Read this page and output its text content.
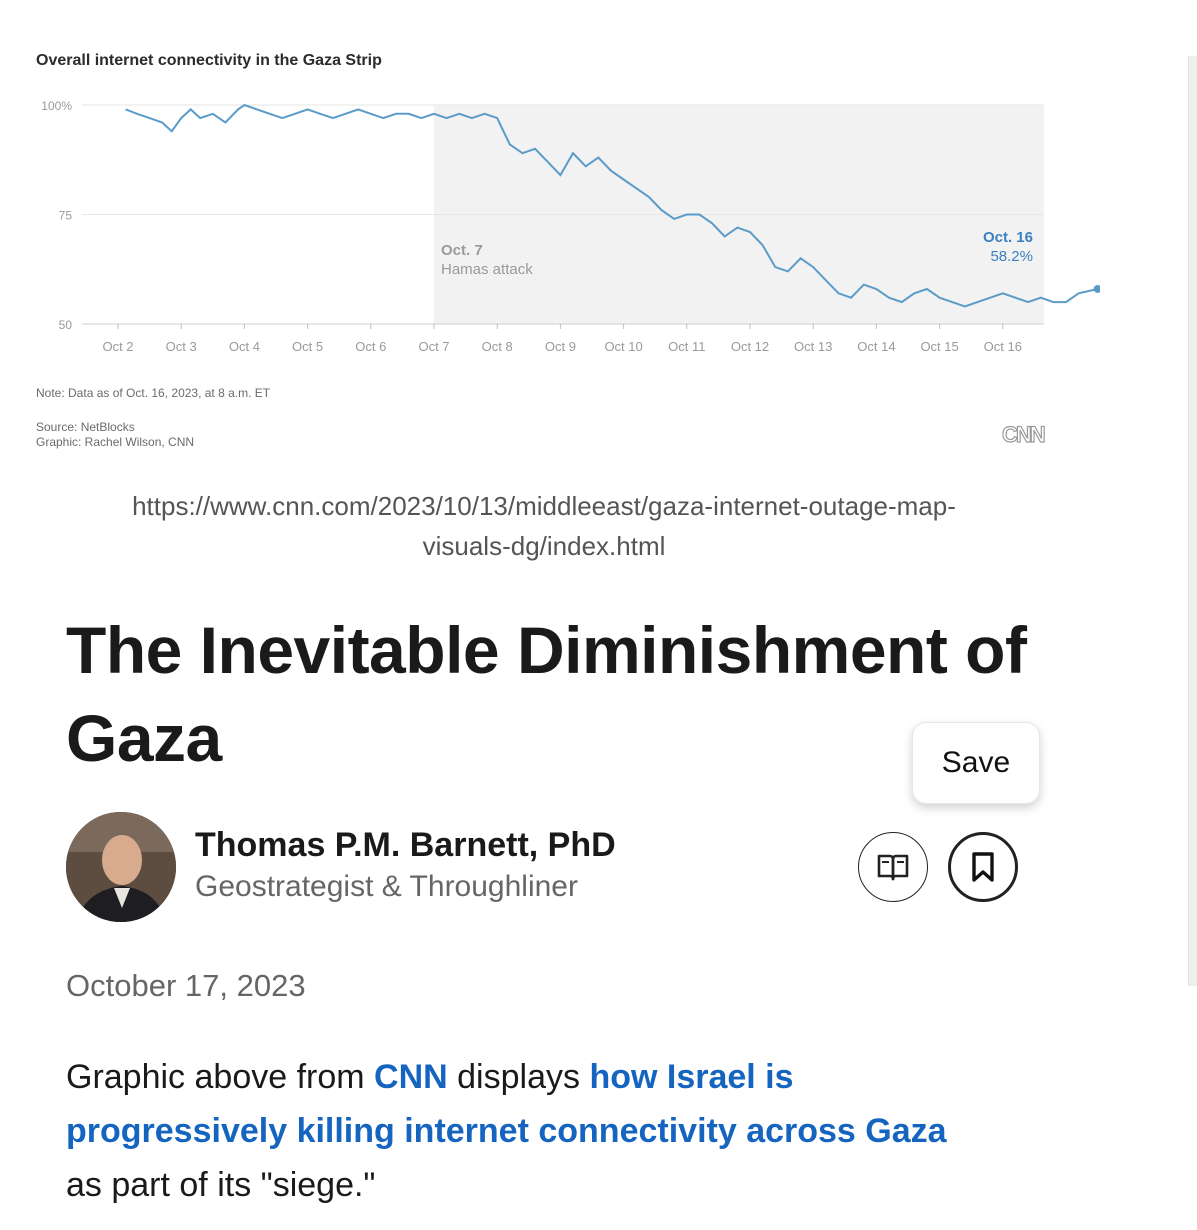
Overall internet connectivity in the Gaza Strip
Oct 2 Oct 3 Oct 4 Oct 5 Oct 6 Oct 7 Oct 8 Oct 9 Oct 10 Oct 11 Oct 12 Oct 13 Oct 14 Oct 15 Oct 16
100%
75
50
Oct. 7
Hamas attack
Oct. 16
58.2%
Note: Data as of Oct. 16, 2023, at 8 a.m. ET
Source: NetBlocks
Graphic: Rachel Wilson, CNN	CNN
https://www.cnn.com/2023/10/13/middleeast/gaza-internet-outage-map-
visuals-dg/index.html
The Inevitable Diminishment of Gaza	Save
Thomas P.M. Barnett, PhD
Geostrategist & Throughliner
October 17, 2023

Graphic above from CNN displays how Israel is progressively killing internet connectivity across Gaza as part of its "siege."
